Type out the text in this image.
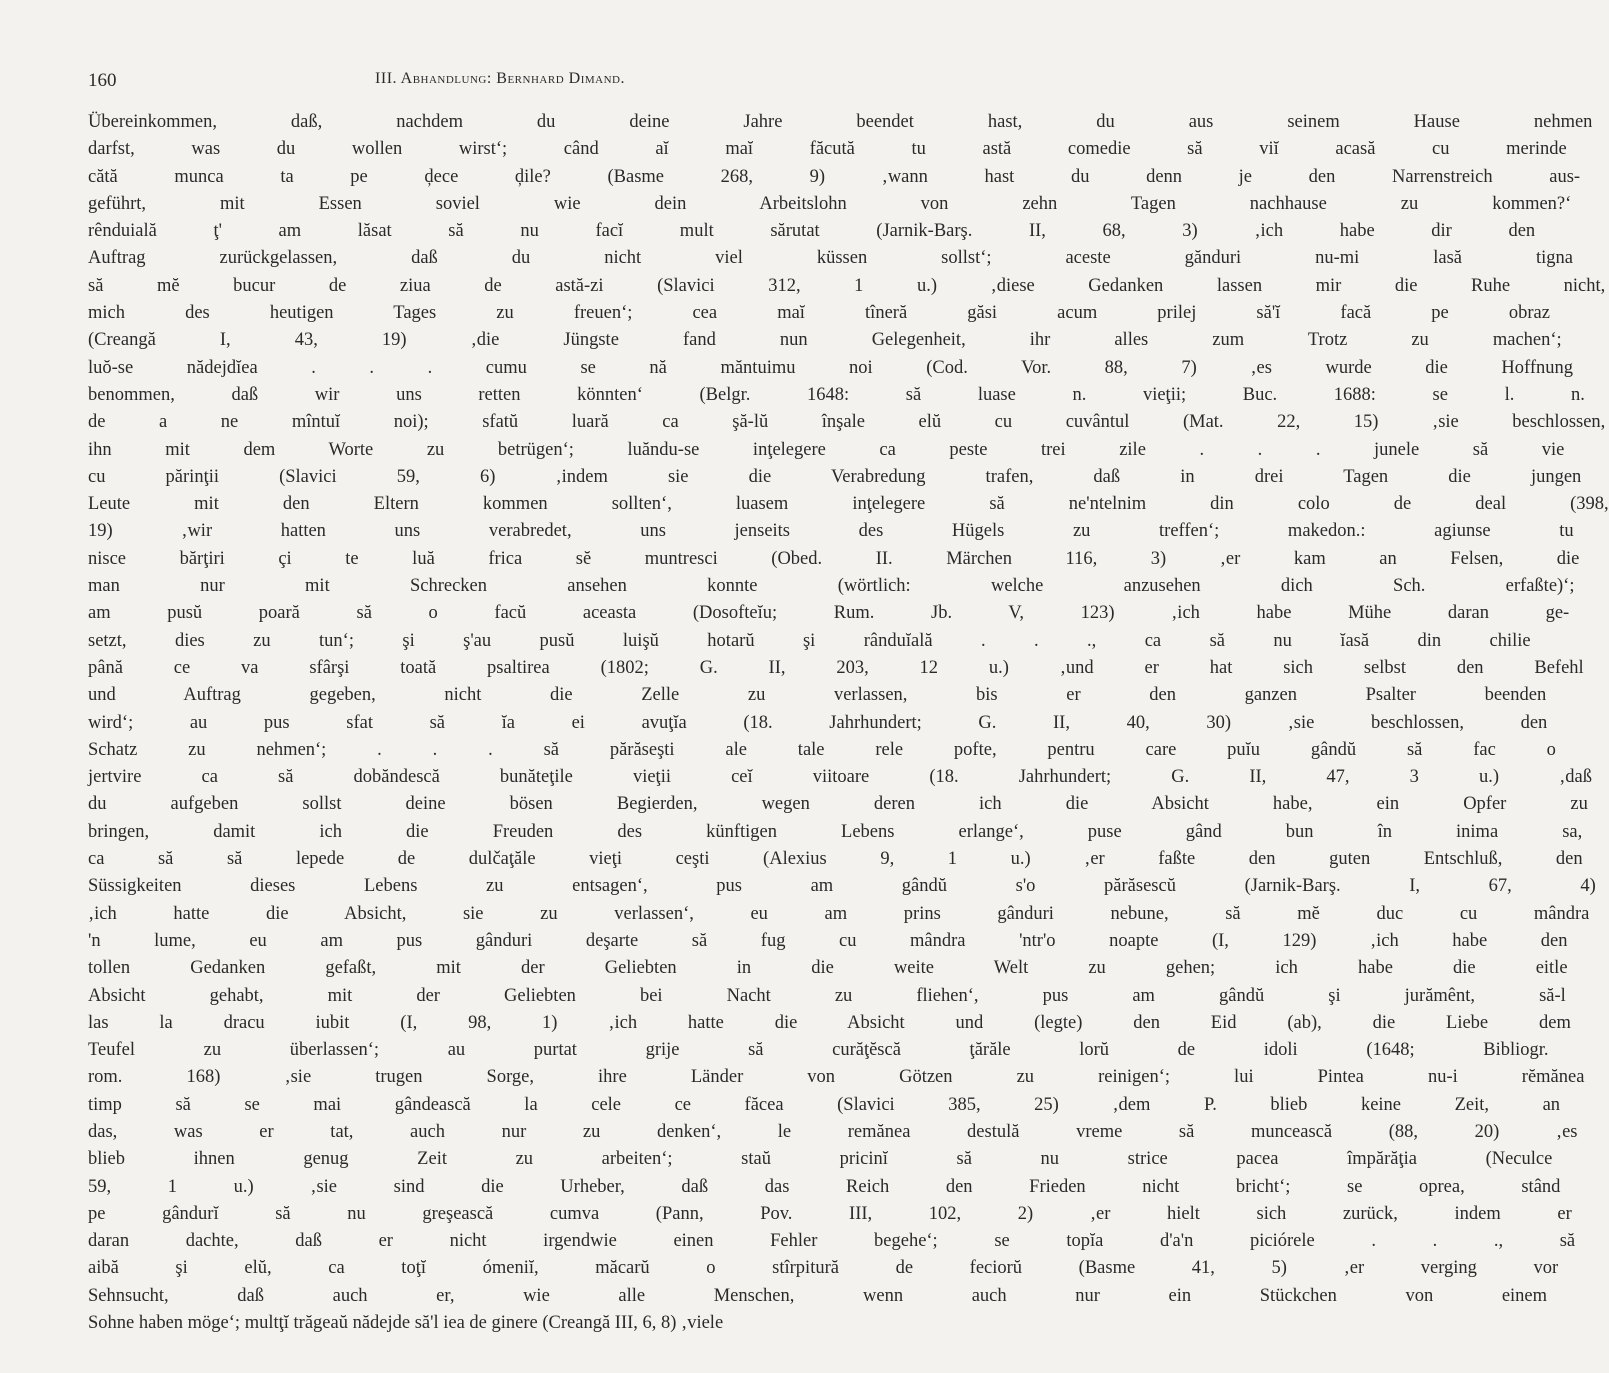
160	III. Abhandlung: Bernhard Dimand.
Übereinkommen, daß, nachdem du deine Jahre beendet hast, du aus seinem Hause nehmen
darfst, was du wollen wirst‘; când aĭ maĭ făcută tu astă comedie să viĭ acasă cu merinde
cătă munca ta pe ḑece ḑile? (Basme 268, 9) ‚wann hast du denn je den Narrenstreich aus-
geführt, mit Essen soviel wie dein Arbeitslohn von zehn Tagen nachhause zu kommen?‘
rênduială ţ' am lăsat să nu facĭ mult sărutat (Jarnik-Barş. II, 68, 3) ‚ich habe dir den
Auftrag zurückgelassen, daß du nicht viel küssen sollst‘; aceste gănduri nu-mi lasă tigna
să mĕ bucur de ziua de astă-zi (Slavici 312, 1 u.) ‚diese Gedanken lassen mir die Ruhe nicht,
mich des heutigen Tages zu freuen‘; cea maĭ tîneră găsi acum prilej să'ĭ facă pe obraz
(Creangă I, 43, 19) ‚die Jüngste fand nun Gelegenheit, ihr alles zum Trotz zu machen‘;
luŏ-se nădejdĭea . . . cumu se nă măntuimu noi (Cod. Vor. 88, 7) ‚es wurde die Hoffnung
benommen, daß wir uns retten könnten‘ (Belgr. 1648: să luase n. vieţii; Buc. 1688: se l. n.
de a ne mîntuĭ noi); sfatŭ luară ca şă-lŭ înşale elŭ cu cuvântul (Mat. 22, 15) ‚sie beschlossen,
ihn mit dem Worte zu betrügen‘; luăndu-se inţelegere ca peste trei zile . . . junele să vie
cu părinţii (Slavici 59, 6) ‚indem sie die Verabredung trafen, daß in drei Tagen die jungen
Leute mit den Eltern kommen sollten‘, luasem inţelegere să ne'ntelnim din colo de deal (398,
19) ‚wir hatten uns verabredet, uns jenseits des Hügels zu treffen‘; makedon.: agiunse tu
nisce bărţiri çi te luă frica sĕ muntresci (Obed. II. Märchen 116, 3) ‚er kam an Felsen, die
man nur mit Schrecken ansehen konnte (wörtlich: welche anzusehen dich Sch. erfaßte)‘;
am pusŭ poară să o facŭ aceasta (Dosofteĭu; Rum. Jb. V, 123) ‚ich habe Mühe daran ge-
setzt, dies zu tun‘; şi ş'au pusŭ luişŭ hotarŭ şi rânduĭală . . ., ca să nu ĭasă din chilie
până ce va sfârşi toată psaltirea (1802; G. II, 203, 12 u.) ‚und er hat sich selbst den Befehl
und Auftrag gegeben, nicht die Zelle zu verlassen, bis er den ganzen Psalter beenden
wird‘; au pus sfat să ĭa ei avuţĭa (18. Jahrhundert; G. II, 40, 30) ‚sie beschlossen, den
Schatz zu nehmen‘; . . . să părăseşti ale tale rele pofte, pentru care puĭu gândŭ să fac o
jertvire ca să dobăndescă bunăteţile vieţii ceĭ viitoare (18. Jahrhundert; G. II, 47, 3 u.) ‚daß
du aufgeben sollst deine bösen Begierden, wegen deren ich die Absicht habe, ein Opfer zu
bringen, damit ich die Freuden des künftigen Lebens erlange‘, puse gând bun în inima sa,
ca să să lepede de dulčaţăle vieţi ceşti (Alexius 9, 1 u.) ‚er faßte den guten Entschluß, den
Süssigkeiten dieses Lebens zu entsagen‘, pus am gândŭ s'o părăsescŭ (Jarnik-Barş. I, 67, 4)
‚ich hatte die Absicht, sie zu verlassen‘, eu am prins gânduri nebune, să mĕ duc cu mândra
'n lume, eu am pus gânduri deşarte să fug cu mândra 'ntr'o noapte (I, 129) ‚ich habe den
tollen Gedanken gefaßt, mit der Geliebten in die weite Welt zu gehen; ich habe die eitle
Absicht gehabt, mit der Geliebten bei Nacht zu fliehen‘, pus am gândŭ şi jurămênt, să-l
las la dracu iubit (I, 98, 1) ‚ich hatte die Absicht und (legte) den Eid (ab), die Liebe dem
Teufel zu überlassen‘; au purtat grije să curăţĕscă ţărăle lorŭ de idoli (1648; Bibliogr.
rom. 168) ‚sie trugen Sorge, ihre Länder von Götzen zu reinigen‘; lui Pintea nu-i rĕmănea
timp să se mai gândească la cele ce făcea (Slavici 385, 25) ‚dem P. blieb keine Zeit, an
das, was er tat, auch nur zu denken‘, le remănea destulă vreme să muncească (88, 20) ‚es
blieb ihnen genug Zeit zu arbeiten‘; staŭ pricinĭ să nu strice pacea împărăţia (Neculce
59, 1 u.) ‚sie sind die Urheber, daß das Reich den Frieden nicht bricht‘; se oprea, stând
pe gândurĭ să nu greşească cumva (Pann, Pov. III, 102, 2) ‚er hielt sich zurück, indem er
daran dachte, daß er nicht irgendwie einen Fehler begehe‘; se topĭa d'a'n piciórele . . ., să
aibă şi elŭ, ca toţĭ ómeniĭ, măcarŭ o stîrpitură de feciorŭ (Basme 41, 5) ‚er verging vor
Sehnsucht, daß auch er, wie alle Menschen, wenn auch nur ein Stückchen von einem
Sohne haben möge‘; multţĭ trăgeaŭ nădejde să'l iea de ginere (Creangă III, 6, 8) ‚viele
